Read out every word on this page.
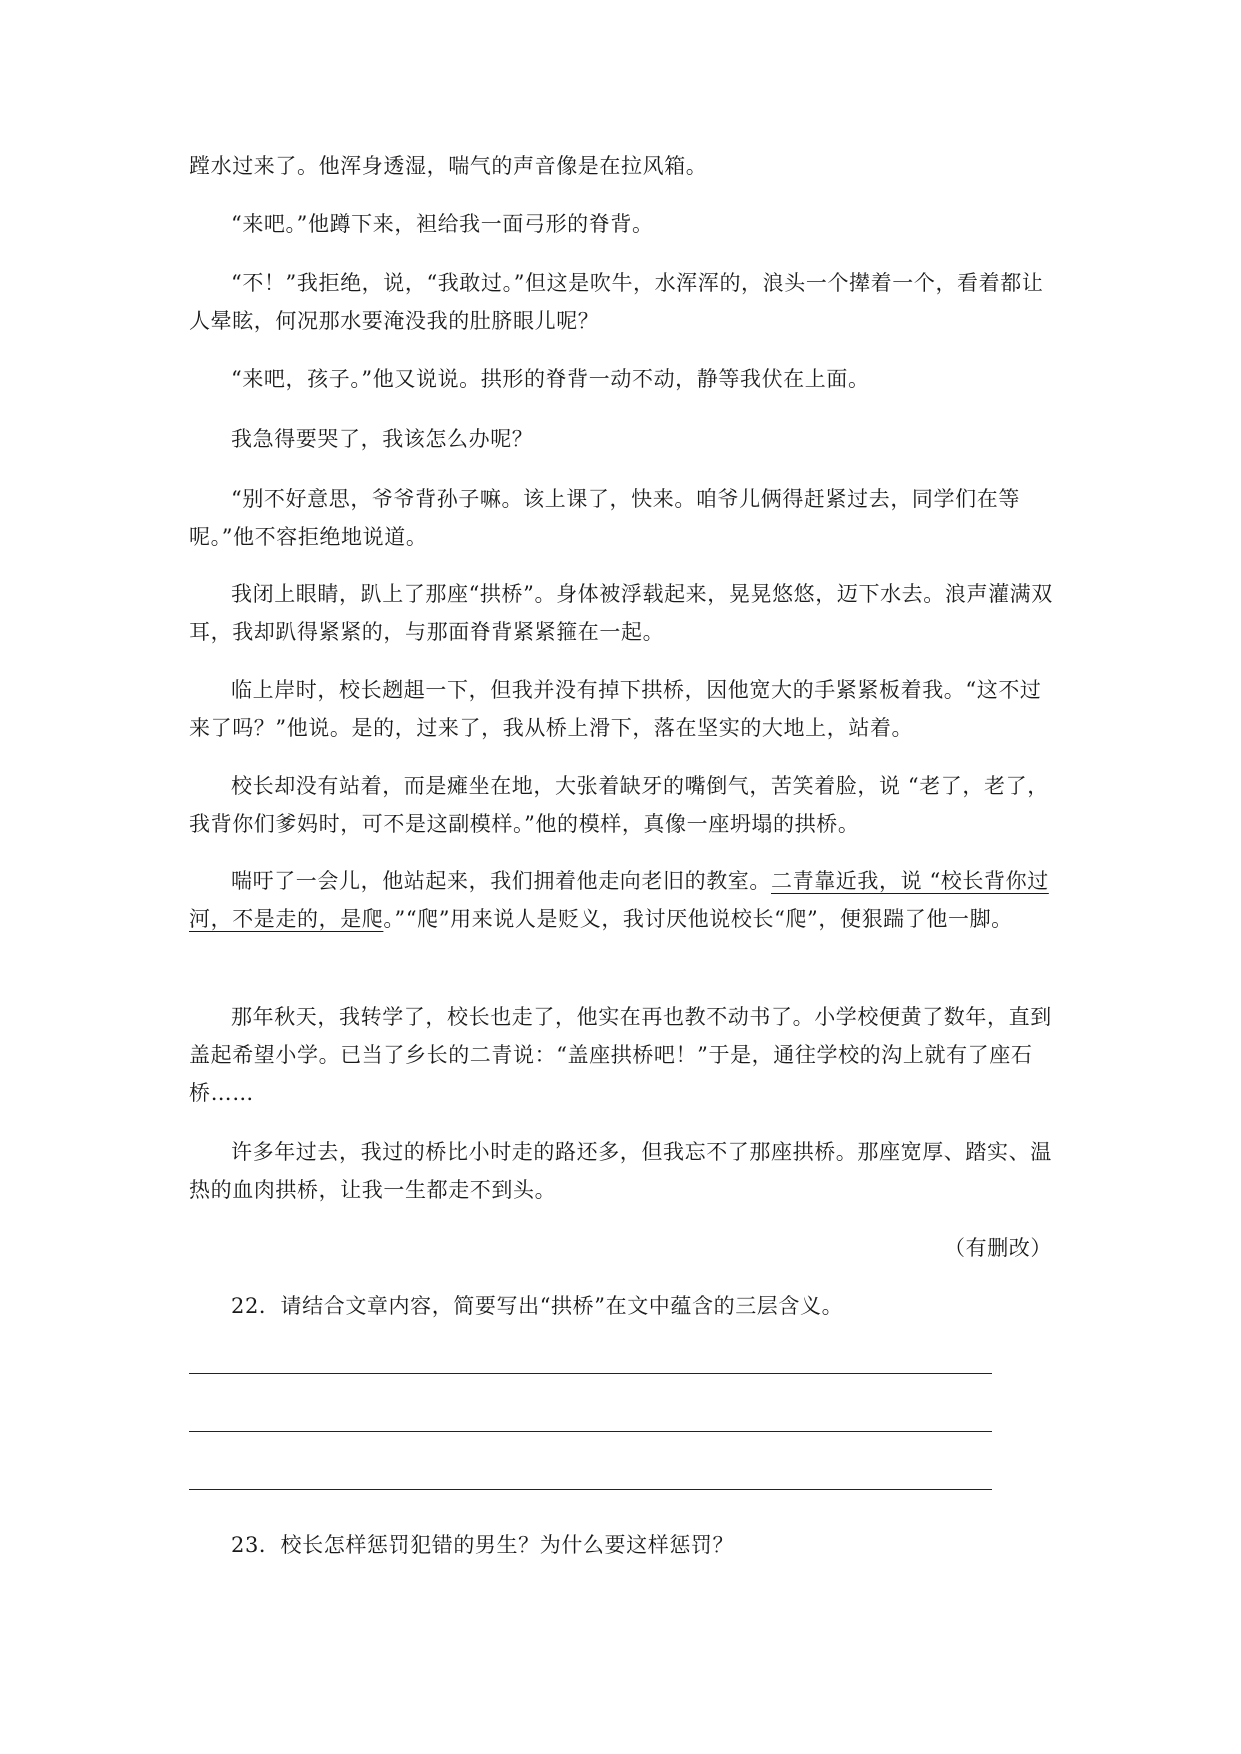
蹚水过来了。他浑身透湿，喘气的声音像是在拉风箱。

“来吧。”他蹲下来，袒给我一面弓形的脊背。

“不！”我拒绝，说，“我敢过。”但这是吹牛，水浑浑的，浪头一个撵着一个，看着都让人晕眩，何况那水要淹没我的肚脐眼儿呢？

“来吧，孩子。”他又说说。拱形的脊背一动不动，静等我伏在上面。

我急得要哭了，我该怎么办呢？

“别不好意思，爷爷背孙子嘛。该上课了，快来。咱爷儿俩得赶紧过去，同学们在等呢。”他不容拒绝地说道。

我闭上眼睛，趴上了那座“拱桥”。身体被浮载起来，晃晃悠悠，迈下水去。浪声灌满双耳，我却趴得紧紧的，与那面脊背紧紧箍在一起。

临上岸时，校长趔趄一下，但我并没有掉下拱桥，因他宽大的手紧紧板着我。“这不过来了吗？”他说。是的，过来了，我从桥上滑下，落在坚实的大地上，站着。

校长却没有站着，而是瘫坐在地，大张着缺牙的嘴倒气，苦笑着脸，说 “老了，老了，我背你们爹妈时，可不是这副模样。”他的模样，真像一座坍塌的拱桥。

喘吁了一会儿，他站起来，我们拥着他走向老旧的教室。二青靠近我，说 “校长背你过河，不是走的，是爬。”“爬”用来说人是贬义，我讨厌他说校长“爬”，便狠踹了他一脚。

那年秋天，我转学了，校长也走了，他实在再也教不动书了。小学校便黄了数年，直到盖起希望小学。已当了乡长的二青说：“盖座拱桥吧！”于是，通往学校的沟上就有了座石桥……

许多年过去，我过的桥比小时走的路还多，但我忘不了那座拱桥。那座宽厚、踏实、温热的血肉拱桥，让我一生都走不到头。

（有删改）
22．请结合文章内容，简要写出“拱桥”在文中蕴含的三层含义。
23．校长怎样惩罚犯错的男生？为什么要这样惩罚？
